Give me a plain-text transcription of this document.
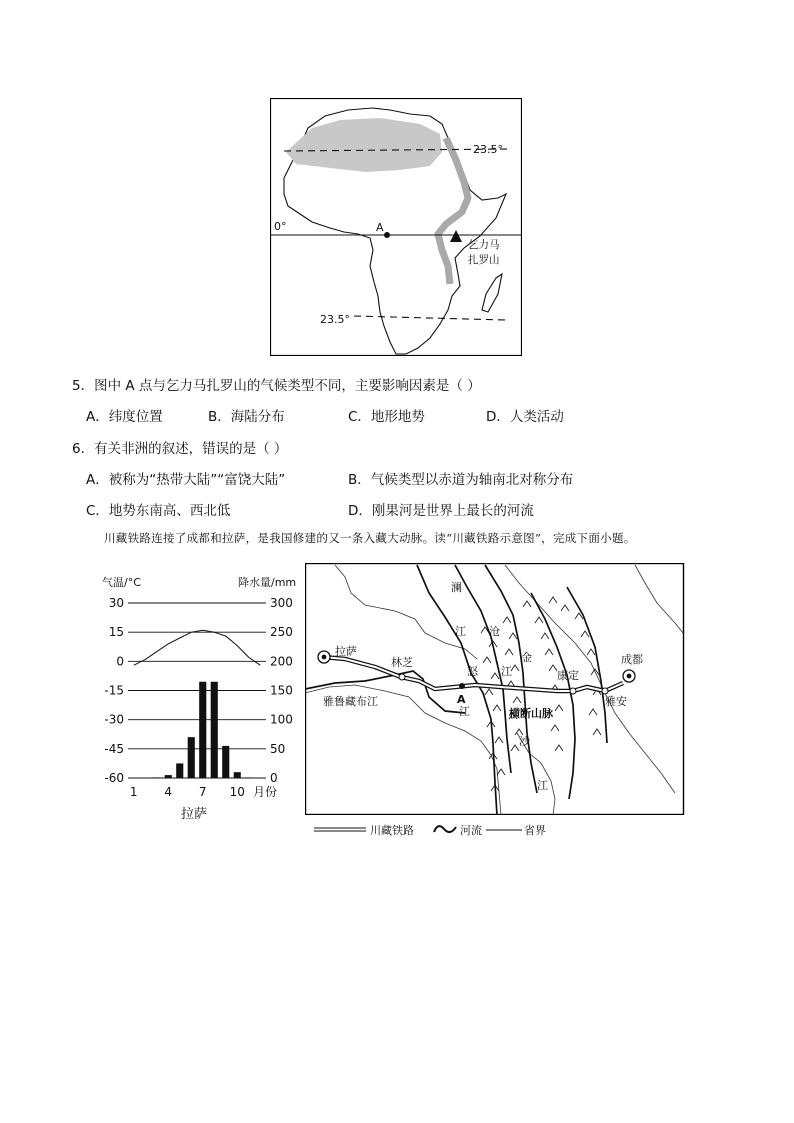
23.5°
0°
23.5°
A
乞力马
扎罗山
5．图中 A 点与乞力马扎罗山的气候类型不同，主要影响因素是（ ）
A．纬度位置	B．海陆分布	C．地形地势	D．人类活动
6．有关非洲的叙述，错误的是（ ）
A．被称为“热带大陆”“富饶大陆”	B．气候类型以赤道为轴南北对称分布
C．地势东南高、西北低	D．刚果河是世界上最长的河流
川藏铁路连接了成都和拉萨，是我国修建的又一条入藏大动脉。读“川藏铁路示意图”，完成下面小题。
气温/°C	降水量/mm
30	300
15	250
0	200
-15	150
-30	100
-45	50
-60	0
1 4 7 10 月份
拉萨
拉萨
林芝
雅鲁藏布江	A
澜
沧
江
怒
江
金
江
沙
江
横断山脉
康定
雅安
成都
川藏铁路	河流	省界
